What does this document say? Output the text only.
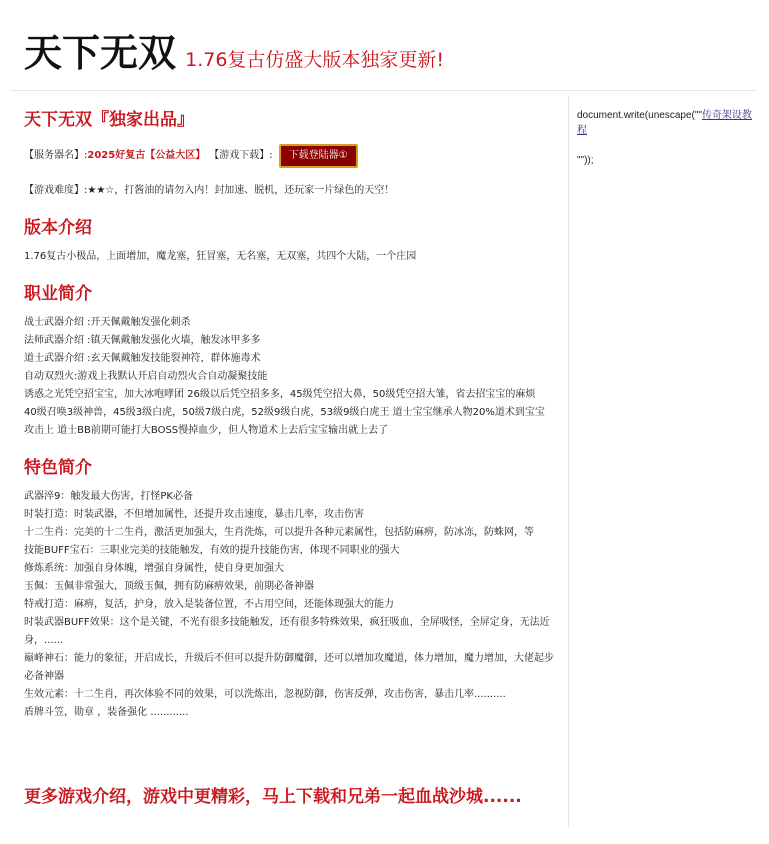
天下无双 1.76复古仿盛大版本独家更新!
天下无双『独家出品』
【服务器名】: 2025好复古【公益大区】 【游戏下载】:	下载登陆器①

【游戏难度】:★★☆，打酱油的请勿入内！封加速、脱机，还玩家一片绿色的天空！

版本介绍

1.76复古小极品，上面增加，魔龙塞，狂冒塞，无名塞，无双塞，共四个大陆，一个庄园

职业简介

战士武器介绍 :开天佩戴触发强化刺杀

法师武器介绍 :镇天佩戴触发强化火墙，触发冰甲多多

道士武器介绍 :玄天佩戴触发技能裂神符，群体施毒术

自动双烈火:游戏上我默认开启自动烈火合自动凝聚技能

诱惑之光凭空招宝宝，加大冰咆哮团 26级以后凭空招多多，45级凭空招大鼻，50级凭空招大雏，省去招宝宝的麻烦

40级召唤3级神兽，45级3级白虎，50级7级白虎，52级9级白虎，53级9级白虎王 道士宝宝继承人物20%道术到宝宝攻击上 道士BB前期可能打大BOSS慢掉血少，但人物道术上去后宝宝输出就上去了

特色简介

武器淬9：触发最大伤害，打怪PK必备

时装打造：时装武器，不但增加属性，还提升攻击速度，暴击几率，攻击伤害

十二生肖：完美的十二生肖，激活更加强大，生肖洗炼，可以提升各种元素属性，包括防麻痹，防冰冻，防蛛网，等

技能BUFF宝石：三职业完美的技能触发，有效的提升技能伤害，体现不同职业的强大

修炼系统：加强自身体魄，增强自身属性，使自身更加强大

玉佩：玉佩非常强大，顶级玉佩，拥有防麻痹效果，前期必备神器

特戒打造：麻痹，复活，护身，放入是装备位置，不占用空间，还能体现强大的能力

时装武器BUFF效果：这个是关键，不光有很多技能触发，还有很多特殊效果，疯狂吸血，全屏吸怪，全屏定身，无法近身，......

巅峰神石：能力的象征，开启成长，升级后不但可以提升防御魔御，还可以增加攻魔道，体力增加，魔力增加，大佬起步必备神器

生效元素：十二生肖，再次体验不同的效果，可以洗炼出，忽视防御，伤害反弹，攻击伤害，暴击几率..........

盾牌斗笠，勋章 ，装备强化 ............

更多游戏介绍，游戏中更精彩，马上下载和兄弟一起血战沙城......
document.write(unescape(""传奇架设教程

""));
